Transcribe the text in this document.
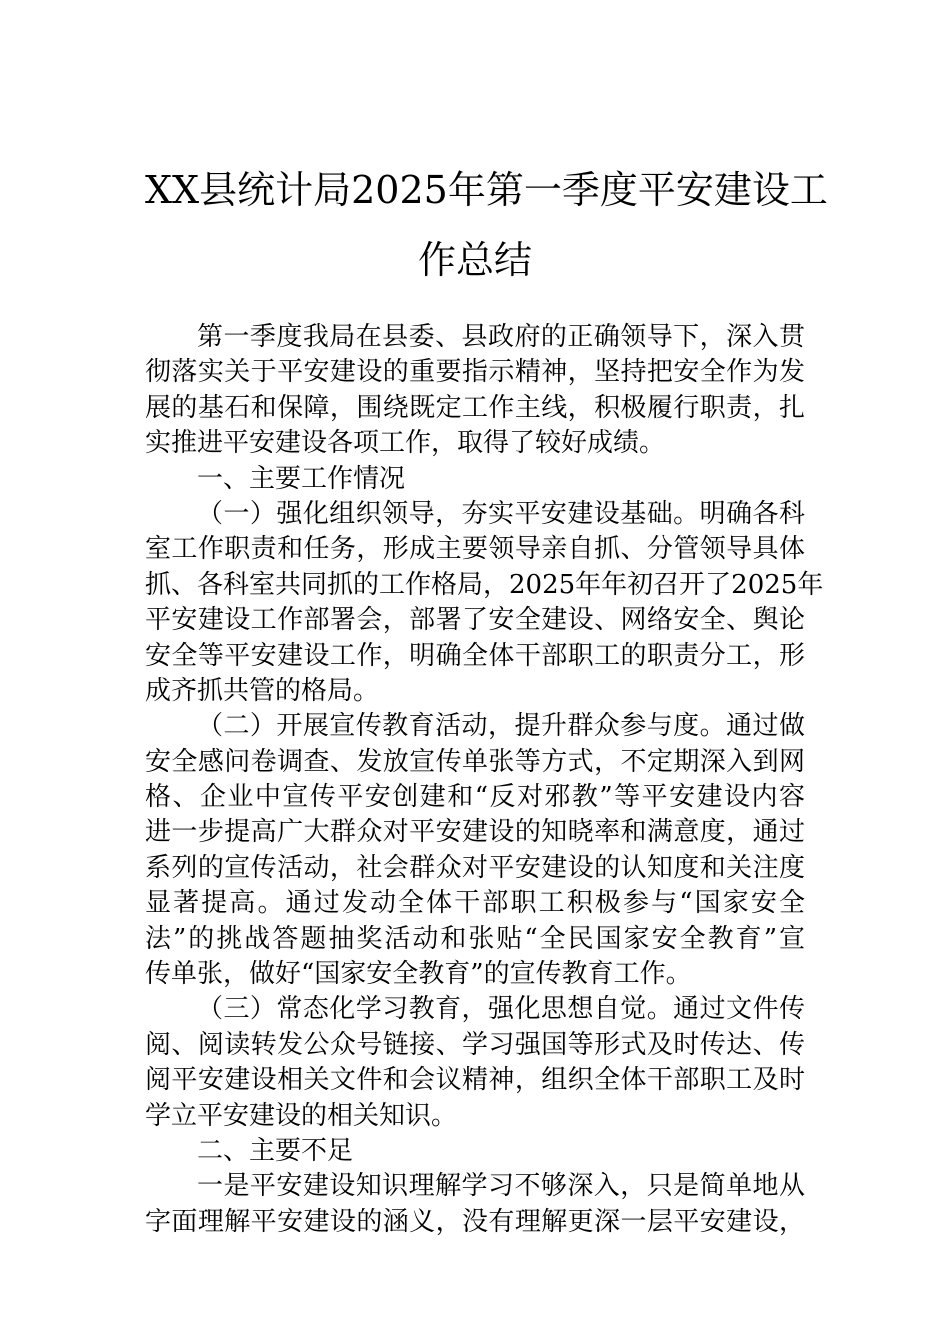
XX县统计局2025年第一季度平安建设工
作总结
第一季度我局在县委、县政府的正确领导下，深入贯
彻落实关于平安建设的重要指示精神，坚持把安全作为发
展的基石和保障，围绕既定工作主线，积极履行职责，扎
实推进平安建设各项工作，取得了较好成绩。
一、主要工作情况
（一）强化组织领导，夯实平安建设基础。明确各科
室工作职责和任务，形成主要领导亲自抓、分管领导具体
抓、各科室共同抓的工作格局，2025年年初召开了2025年
平安建设工作部署会，部署了安全建设、网络安全、舆论
安全等平安建设工作，明确全体干部职工的职责分工，形
成齐抓共管的格局。
（二）开展宣传教育活动，提升群众参与度。通过做
安全感问卷调查、发放宣传单张等方式，不定期深入到网
格、企业中宣传平安创建和“反对邪教”等平安建设内容
进一步提高广大群众对平安建设的知晓率和满意度，通过
系列的宣传活动，社会群众对平安建设的认知度和关注度
显著提高。通过发动全体干部职工积极参与“国家安全
法”的挑战答题抽奖活动和张贴“全民国家安全教育”宣
传单张，做好“国家安全教育”的宣传教育工作。
（三）常态化学习教育，强化思想自觉。通过文件传
阅、阅读转发公众号链接、学习强国等形式及时传达、传
阅平安建设相关文件和会议精神，组织全体干部职工及时
学立平安建设的相关知识。
二、主要不足
一是平安建设知识理解学习不够深入，只是简单地从
字面理解平安建设的涵义，没有理解更深一层平安建设，
